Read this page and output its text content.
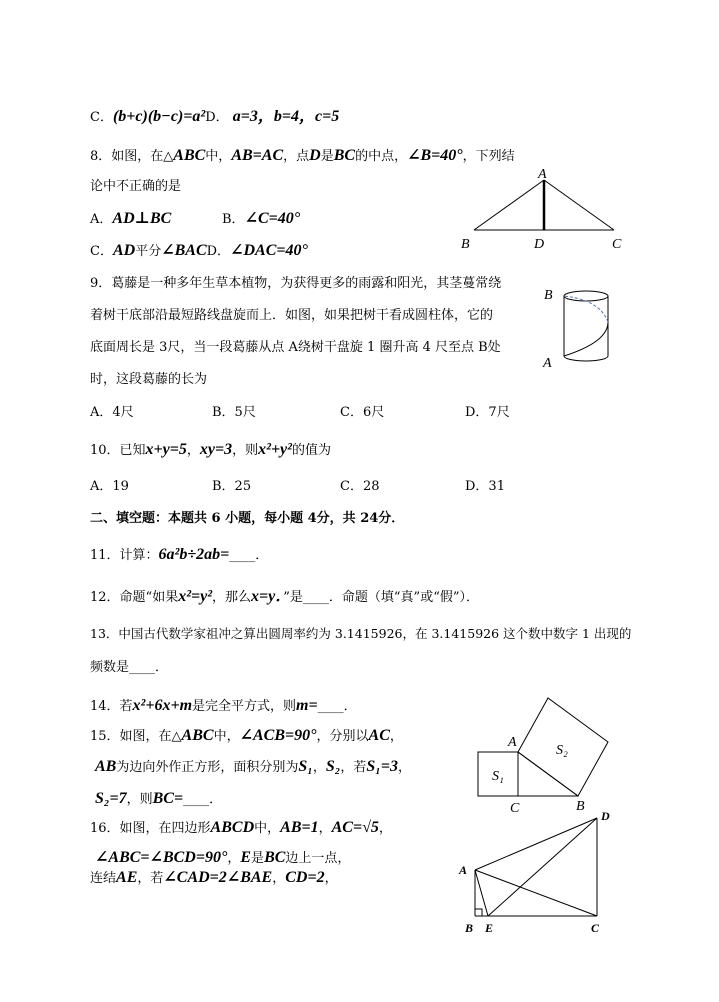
C．(b+c)(b−c)=a²D． a=3，b=4，c=5
8．如图，在△ABC中，AB=AC，点D是BC的中点，∠B=40°，下列结
论中不正确的是
A．AD⊥BC	B．∠C=40°
C．AD平分∠BACD．∠DAC=40°
A
B	D	C
9．葛藤是一种多年生草本植物，为获得更多的雨露和阳光，其茎蔓常绕
着树干底部沿最短路线盘旋而上．如图，如果把树干看成圆柱体，它的
底面周长是 3尺，当一段葛藤从点 A绕树干盘旋 1 圈升高 4 尺至点 B处
时，这段葛藤的长为
A．4尺	B．5尺	C．6尺	D．7尺
B
A
10．已知x+y=5，xy=3，则x²+y²的值为
A．19	B．25	C．28	D．31
二、填空题：本题共 6 小题，每小题 4分，共 24分．
11．计算：6a²b÷2ab=____．
12．命题“如果x²=y²，那么x=y．”是____．命题（填“真”或“假”）．
13．中国古代数学家祖冲之算出圆周率约为 3.1415926，在 3.1415926 这个数中数字 1 出现的
频数是____．
14．若x²+6x+m是完全平方式，则m=____．
15．如图，在△ABC中，∠ACB=90°，分别以AC，
AB为边向外作正方形，面积分别为S₁，S₂，若S₁=3，
S₂=7，则BC=____．
S₁
S₂
A
C	B
16．如图，在四边形ABCD中，AB=1，AC=√5，
∠ABC=∠BCD=90°，E是BC边上一点，
连结AE，若∠CAD=2∠BAE，CD=2，
A
B E	C
D
